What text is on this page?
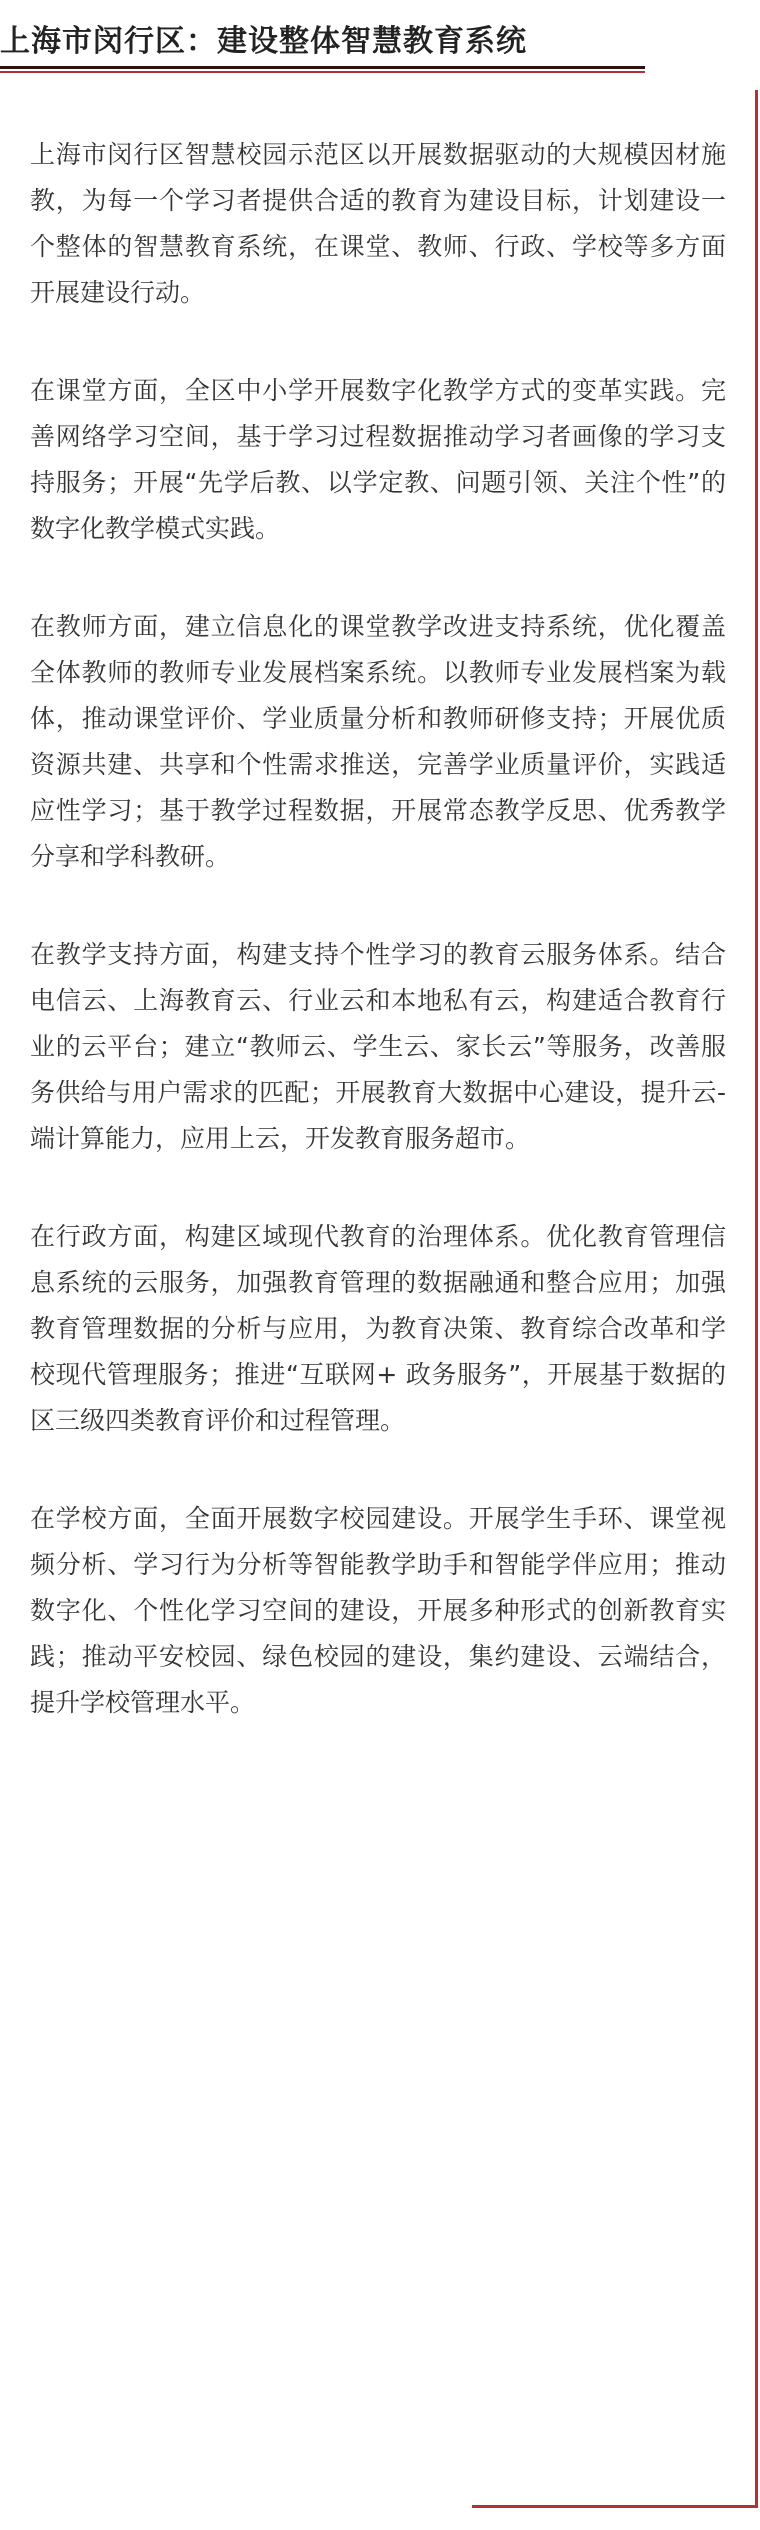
上海市闵行区：建设整体智慧教育系统

上海市闵行区智慧校园示范区以开展数据驱动的大规模因材施教，为每一个学习者提供合适的教育为建设目标，计划建设一个整体的智慧教育系统，在课堂、教师、行政、学校等多方面开展建设行动。

在课堂方面，全区中小学开展数字化教学方式的变革实践。完善网络学习空间，基于学习过程数据推动学习者画像的学习支持服务；开展“先学后教、以学定教、问题引领、关注个性”的数字化教学模式实践。

在教师方面，建立信息化的课堂教学改进支持系统，优化覆盖全体教师的教师专业发展档案系统。以教师专业发展档案为载体，推动课堂评价、学业质量分析和教师研修支持；开展优质资源共建、共享和个性需求推送，完善学业质量评价，实践适应性学习；基于教学过程数据，开展常态教学反思、优秀教学分享和学科教研。

在教学支持方面，构建支持个性学习的教育云服务体系。结合电信云、上海教育云、行业云和本地私有云，构建适合教育行业的云平台；建立“教师云、学生云、家长云”等服务，改善服务供给与用户需求的匹配；开展教育大数据中心建设，提升云- 端计算能力，应用上云，开发教育服务超市。

在行政方面，构建区域现代教育的治理体系。优化教育管理信息系统的云服务，加强教育管理的数据融通和整合应用；加强教育管理数据的分析与应用，为教育决策、教育综合改革和学校现代管理服务；推进“互联网+ 政务服务”，开展基于数据的区三级四类教育评价和过程管理。

在学校方面，全面开展数字校园建设。开展学生手环、课堂视频分析、学习行为分析等智能教学助手和智能学伴应用；推动数字化、个性化学习空间的建设，开展多种形式的创新教育实践；推动平安校园、绿色校园的建设，集约建设、云端结合，提升学校管理水平。
